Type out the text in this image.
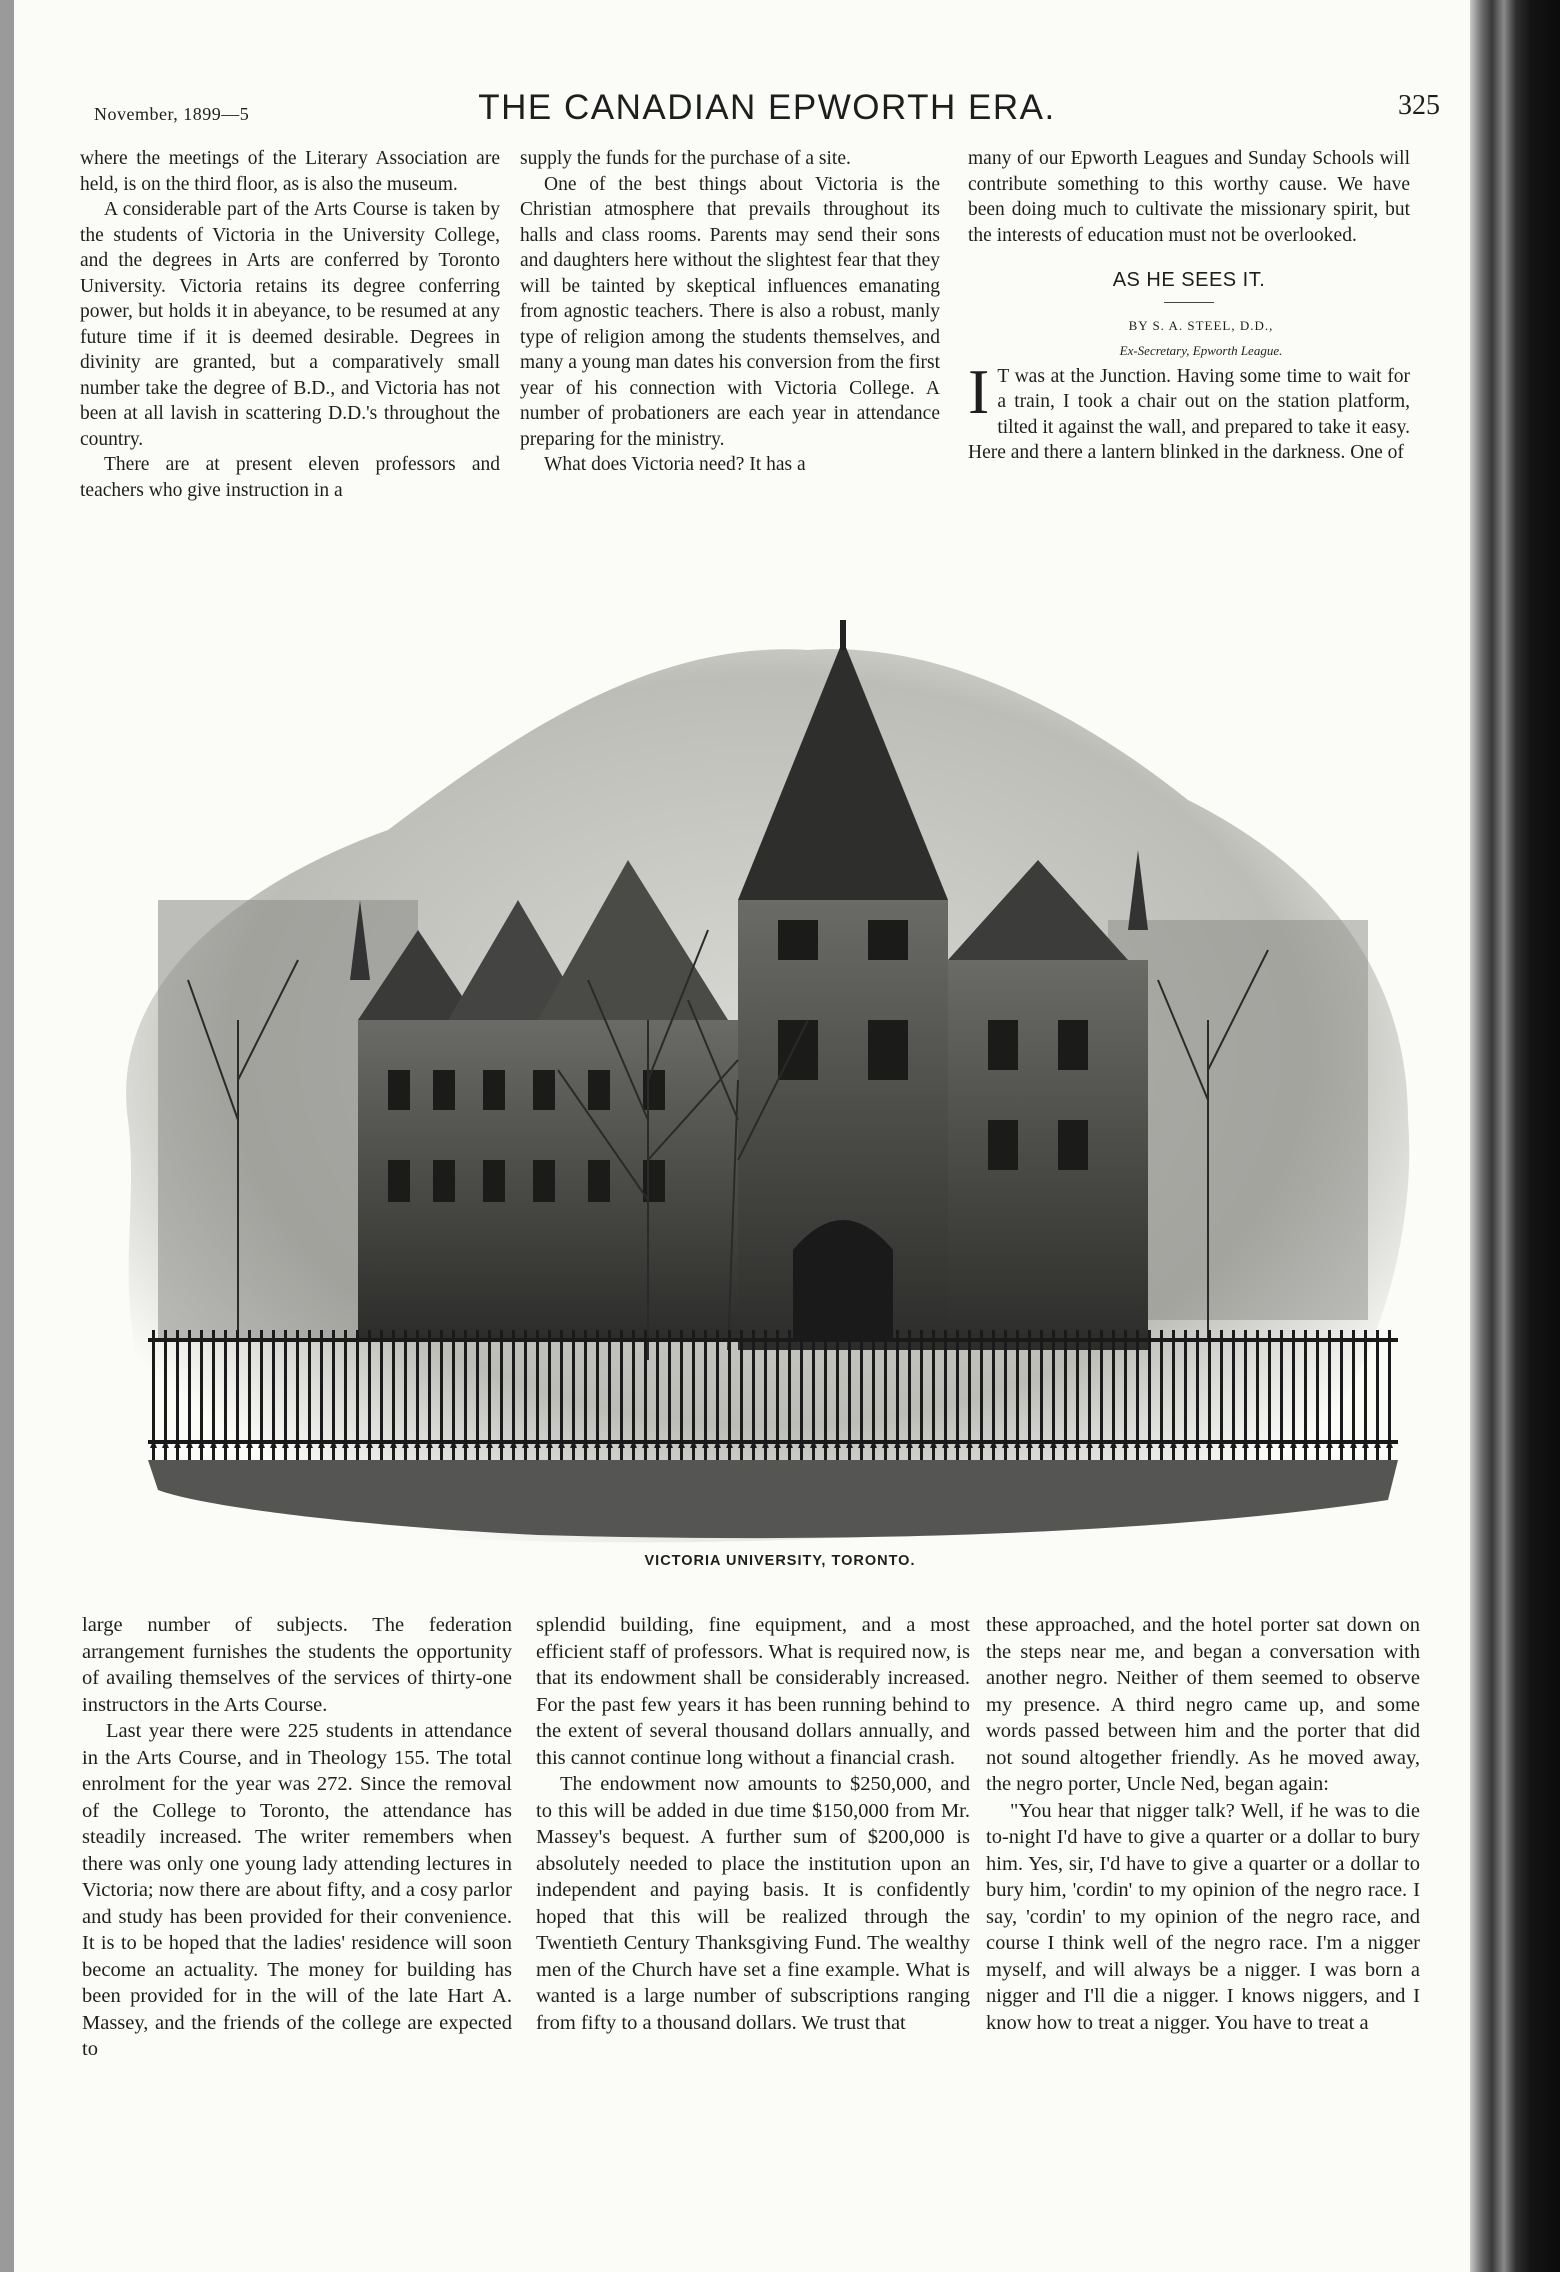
November, 1899—5	THE CANADIAN EPWORTH ERA.	325

where the meetings of the Literary Association are held, is on the third floor, as is also the museum.

A considerable part of the Arts Course is taken by the students of Victoria in the University College, and the degrees in Arts are conferred by Toronto University. Victoria retains its degree conferring power, but holds it in abeyance, to be resumed at any future time if it is deemed desirable. Degrees in divinity are granted, but a comparatively small number take the degree of B.D., and Victoria has not been at all lavish in scattering D.D.'s throughout the country.

There are at present eleven professors and teachers who give instruction in a

supply the funds for the purchase of a site.

One of the best things about Victoria is the Christian atmosphere that prevails throughout its halls and class rooms. Parents may send their sons and daughters here without the slightest fear that they will be tainted by skeptical influences emanating from agnostic teachers. There is also a robust, manly type of religion among the students themselves, and many a young man dates his conversion from the first year of his connection with Victoria College. A number of probationers are each year in attendance preparing for the ministry.

What does Victoria need? It has a

many of our Epworth Leagues and Sunday Schools will contribute something to this worthy cause. We have been doing much to cultivate the missionary spirit, but the interests of education must not be overlooked.

AS HE SEES IT.

BY S. A. STEEL, D.D.,

Ex-Secretary, Epworth League.

I T was at the Junction. Having some time to wait for a train, I took a chair out on the station platform, tilted it against the wall, and prepared to take it easy. Here and there a lantern blinked in the darkness. One of

VICTORIA UNIVERSITY, TORONTO.

large number of subjects. The federation arrangement furnishes the students the opportunity of availing themselves of the services of thirty-one instructors in the Arts Course.

Last year there were 225 students in attendance in the Arts Course, and in Theology 155. The total enrolment for the year was 272. Since the removal of the College to Toronto, the attendance has steadily increased. The writer remembers when there was only one young lady attending lectures in Victoria; now there are about fifty, and a cosy parlor and study has been provided for their convenience. It is to be hoped that the ladies' residence will soon become an actuality. The money for building has been provided for in the will of the late Hart A. Massey, and the friends of the college are expected to

splendid building, fine equipment, and a most efficient staff of professors. What is required now, is that its endowment shall be considerably increased. For the past few years it has been running behind to the extent of several thousand dollars annually, and this cannot continue long without a financial crash.

The endowment now amounts to $250,000, and to this will be added in due time $150,000 from Mr. Massey's bequest. A further sum of $200,000 is absolutely needed to place the institution upon an independent and paying basis. It is confidently hoped that this will be realized through the Twentieth Century Thanksgiving Fund. The wealthy men of the Church have set a fine example. What is wanted is a large number of subscriptions ranging from fifty to a thousand dollars. We trust that

these approached, and the hotel porter sat down on the steps near me, and began a conversation with another negro. Neither of them seemed to observe my presence. A third negro came up, and some words passed between him and the porter that did not sound altogether friendly. As he moved away, the negro porter, Uncle Ned, began again:

"You hear that nigger talk? Well, if he was to die to-night I'd have to give a quarter or a dollar to bury him. Yes, sir, I'd have to give a quarter or a dollar to bury him, 'cordin' to my opinion of the negro race. I say, 'cordin' to my opinion of the negro race, and course I think well of the negro race. I'm a nigger myself, and will always be a nigger. I was born a nigger and I'll die a nigger. I knows niggers, and I know how to treat a nigger. You have to treat a
